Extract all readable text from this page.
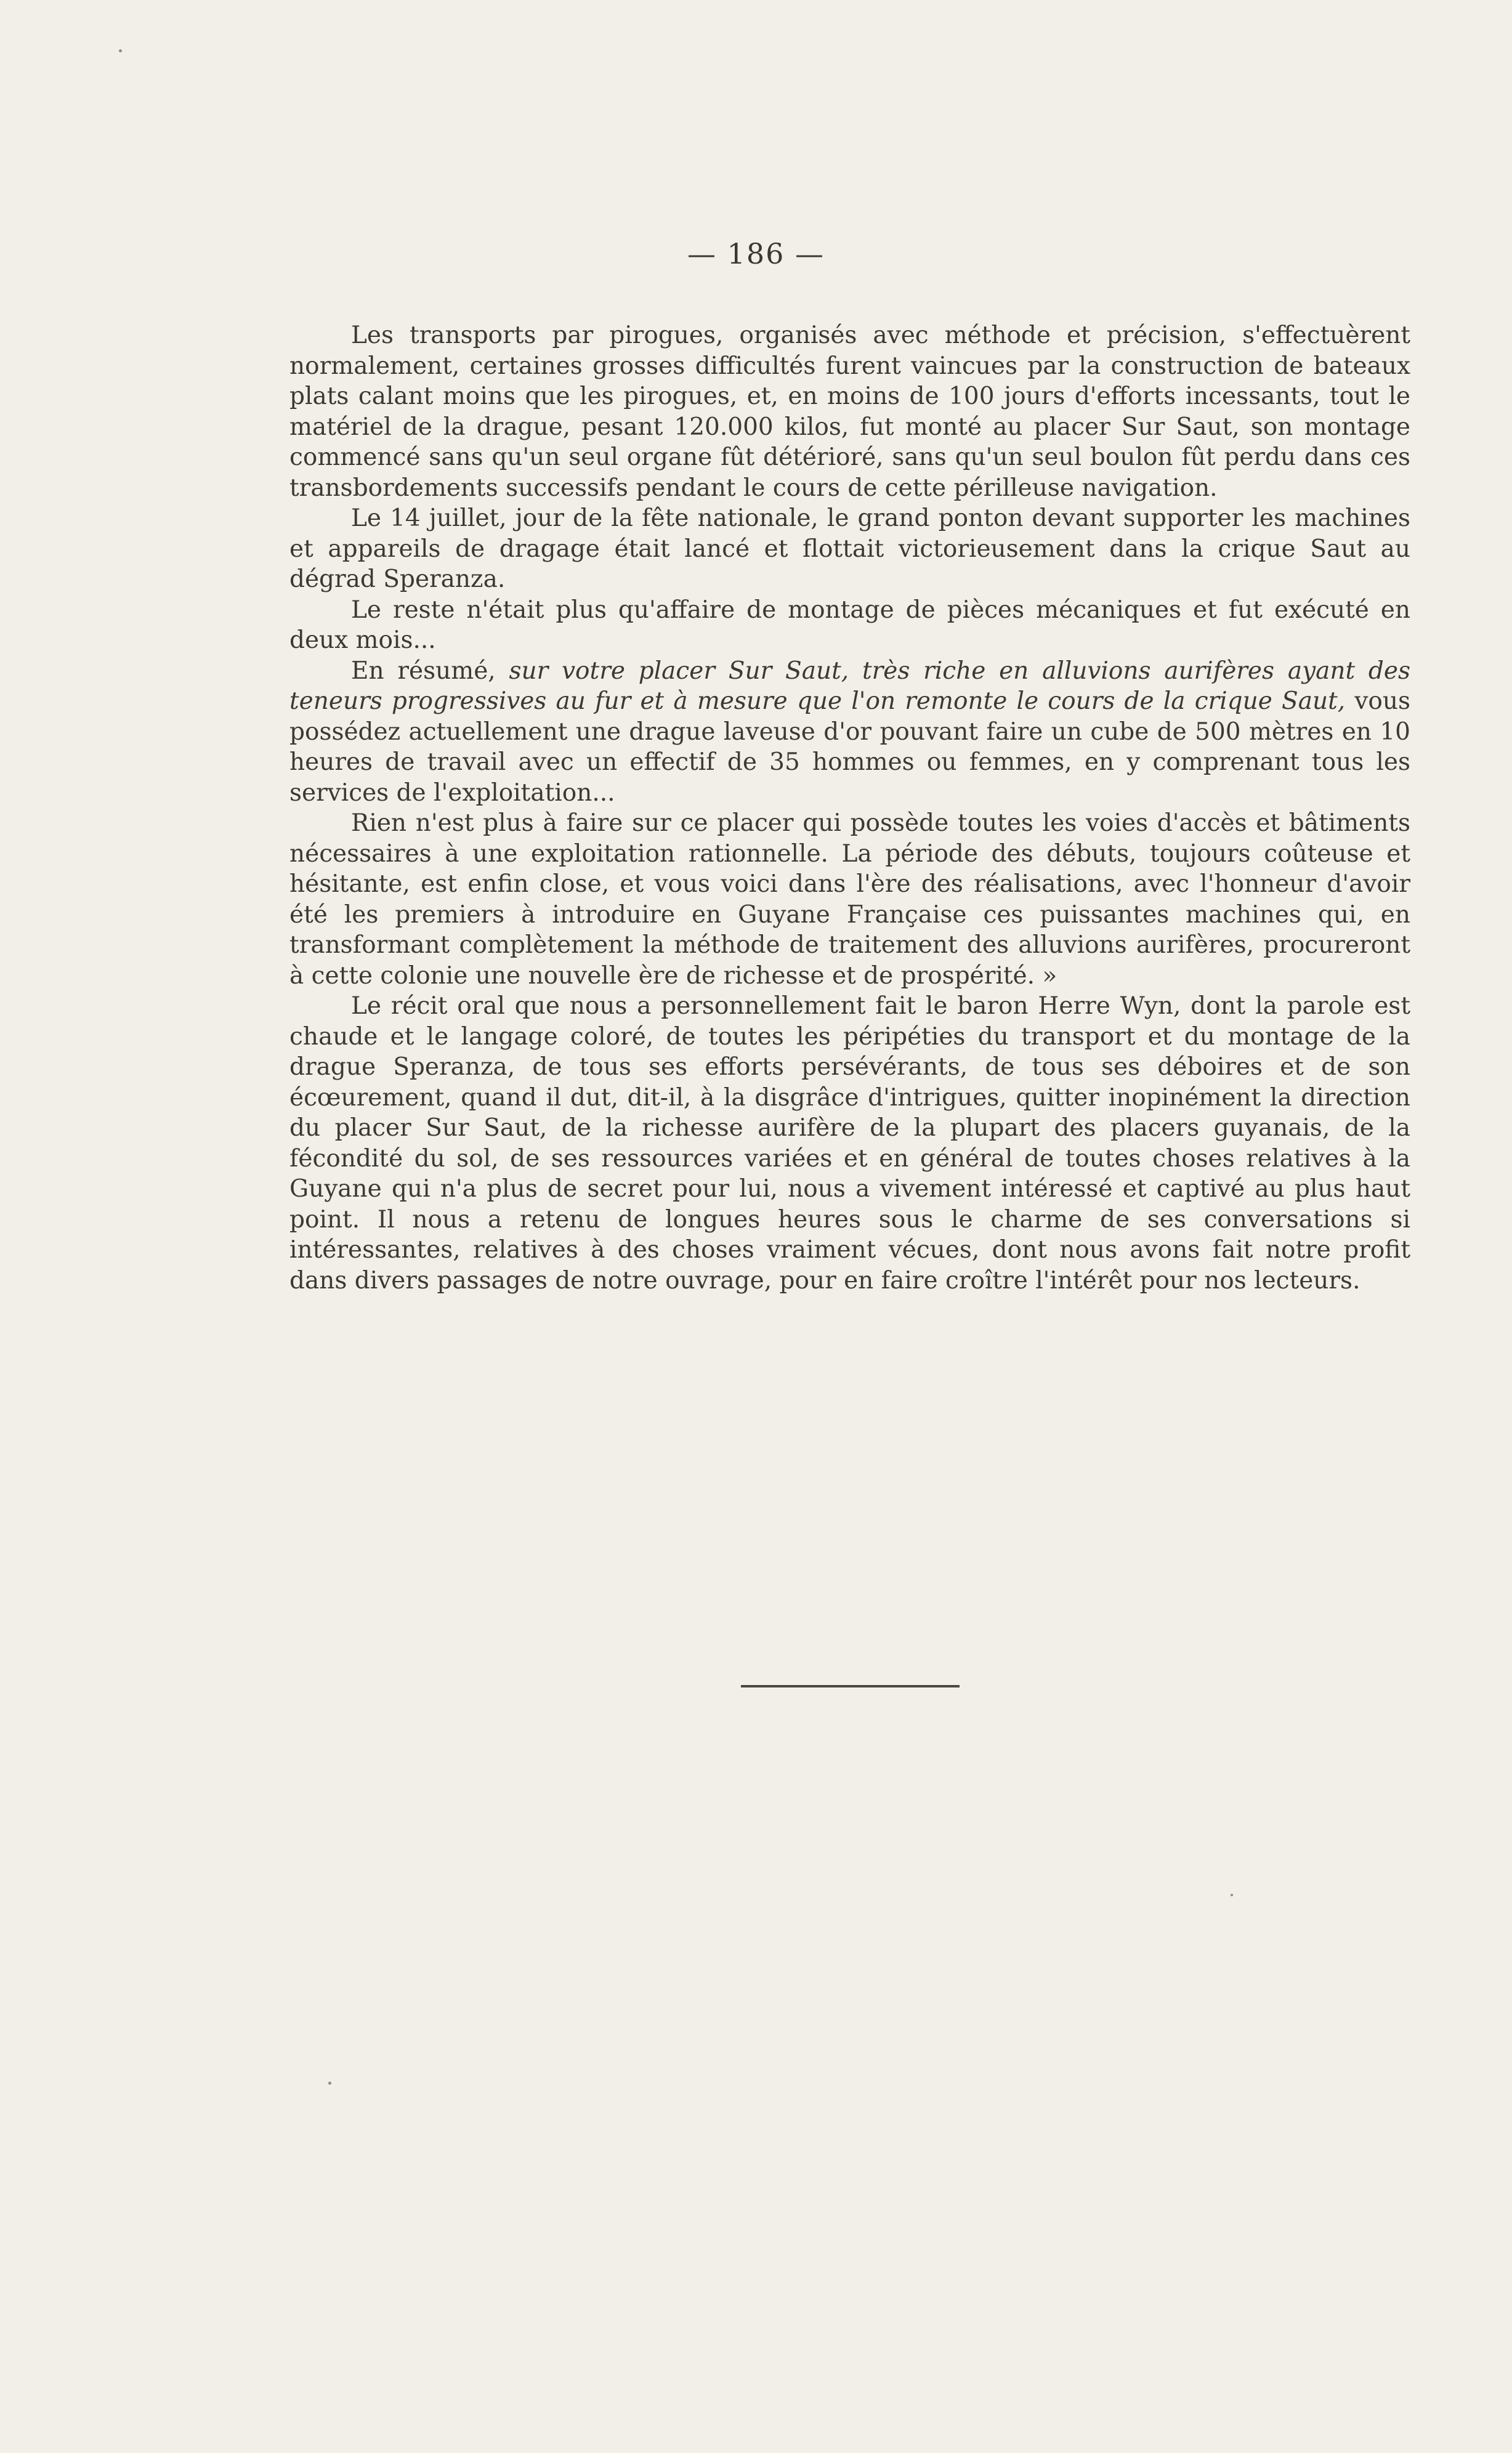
— 186 —

Les transports par pirogues, organisés avec méthode et précision, s'effectuèrent normalement, certaines grosses difficultés furent vaincues par la construction de bateaux plats calant moins que les pirogues, et, en moins de 100 jours d'efforts incessants, tout le matériel de la drague, pesant 120.000 kilos, fut monté au placer Sur Saut, son montage commencé sans qu'un seul organe fût détérioré, sans qu'un seul boulon fût perdu dans ces transbordements successifs pendant le cours de cette périlleuse navigation.

Le 14 juillet, jour de la fête nationale, le grand ponton devant supporter les machines et appareils de dragage était lancé et flottait victorieusement dans la crique Saut au dégrad Speranza.

Le reste n'était plus qu'affaire de montage de pièces mécaniques et fut exécuté en deux mois...

En résumé, sur votre placer Sur Saut, très riche en alluvions aurifères ayant des teneurs progressives au fur et à mesure que l'on remonte le cours de la crique Saut, vous possédez actuellement une drague laveuse d'or pouvant faire un cube de 500 mètres en 10 heures de travail avec un effectif de 35 hommes ou femmes, en y comprenant tous les services de l'exploitation...

Rien n'est plus à faire sur ce placer qui possède toutes les voies d'accès et bâtiments nécessaires à une exploitation rationnelle. La période des débuts, toujours coûteuse et hésitante, est enfin close, et vous voici dans l'ère des réalisations, avec l'honneur d'avoir été les premiers à introduire en Guyane Française ces puissantes machines qui, en transformant complètement la méthode de traitement des alluvions aurifères, procureront à cette colonie une nouvelle ère de richesse et de prospérité. »

Le récit oral que nous a personnellement fait le baron Herre Wyn, dont la parole est chaude et le langage coloré, de toutes les péripéties du transport et du montage de la drague Speranza, de tous ses efforts persévérants, de tous ses déboires et de son écœurement, quand il dut, dit-il, à la disgrâce d'intrigues, quitter inopinément la direction du placer Sur Saut, de la richesse aurifère de la plupart des placers guyanais, de la fécondité du sol, de ses ressources variées et en général de toutes choses relatives à la Guyane qui n'a plus de secret pour lui, nous a vivement intéressé et captivé au plus haut point. Il nous a retenu de longues heures sous le charme de ses conversations si intéressantes, relatives à des choses vraiment vécues, dont nous avons fait notre profit dans divers passages de notre ouvrage, pour en faire croître l'intérêt pour nos lecteurs.
